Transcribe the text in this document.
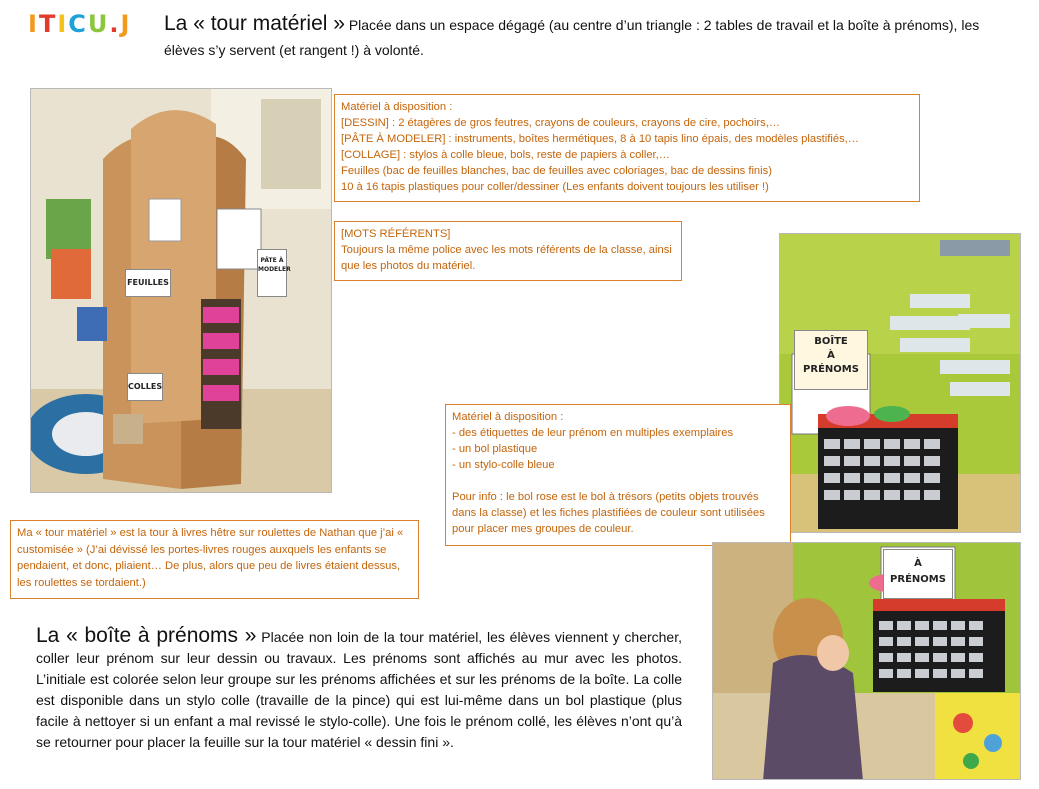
ITICU.J	La « tour matériel » Placée dans un espace dégagé (au centre d’un triangle : 2 tables de travail et la boîte à prénoms), les élèves s’y servent (et rangent !) à volonté.
FEUILLES
COLLES
PÂTE À MODELER
Matériel à disposition :
[DESSIN] : 2 étagères de gros feutres, crayons de couleurs, crayons de cire, pochoirs,…
[PÂTE À MODELER] : instruments, boîtes hermétiques, 8 à 10 tapis lino épais, des modèles plastifiés,…
[COLLAGE] : stylos à colle bleue, bols, reste de papiers à coller,…
Feuilles (bac de feuilles blanches, bac de feuilles avec coloriages, bac de dessins finis)
10 à 16 tapis plastiques pour coller/dessiner (Les enfants doivent toujours les utiliser !)
[MOTS RÉFÉRENTS]
Toujours la même police avec les mots référents de la classe, ainsi que les photos du matériel.
BOÎTE
À
PRÉNOMS
Matériel à disposition :
- des étiquettes de leur prénom en multiples exemplaires
- un bol plastique
- un stylo-colle bleue
Pour info : le bol rose est le bol à trésors (petits objets trouvés dans la classe) et les fiches plastifiées de couleur sont utilisées pour placer mes groupes de couleur.
Ma « tour matériel » est la tour à livres hêtre sur roulettes de Nathan que j’ai « customisée » (J’ai dévissé les portes-livres rouges auxquels les enfants se pendaient, et donc, pliaient… De plus, alors que peu de livres étaient dessus, les roulettes se tordaient.)
À
PRÉNOMS
La « boîte à prénoms » Placée non loin de la tour matériel, les élèves viennent y chercher, coller leur prénom sur leur dessin ou travaux. Les prénoms sont affichés au mur avec les photos. L’initiale est colorée selon leur groupe sur les prénoms affichées et sur les prénoms de la boîte. La colle est disponible dans un stylo colle (travaille de la pince) qui est lui-même dans un bol plastique (plus facile à nettoyer si un enfant a mal revissé le stylo-colle). Une fois le prénom collé, les élèves n’ont qu’à se retourner pour placer la feuille sur la tour matériel « dessin fini ».
